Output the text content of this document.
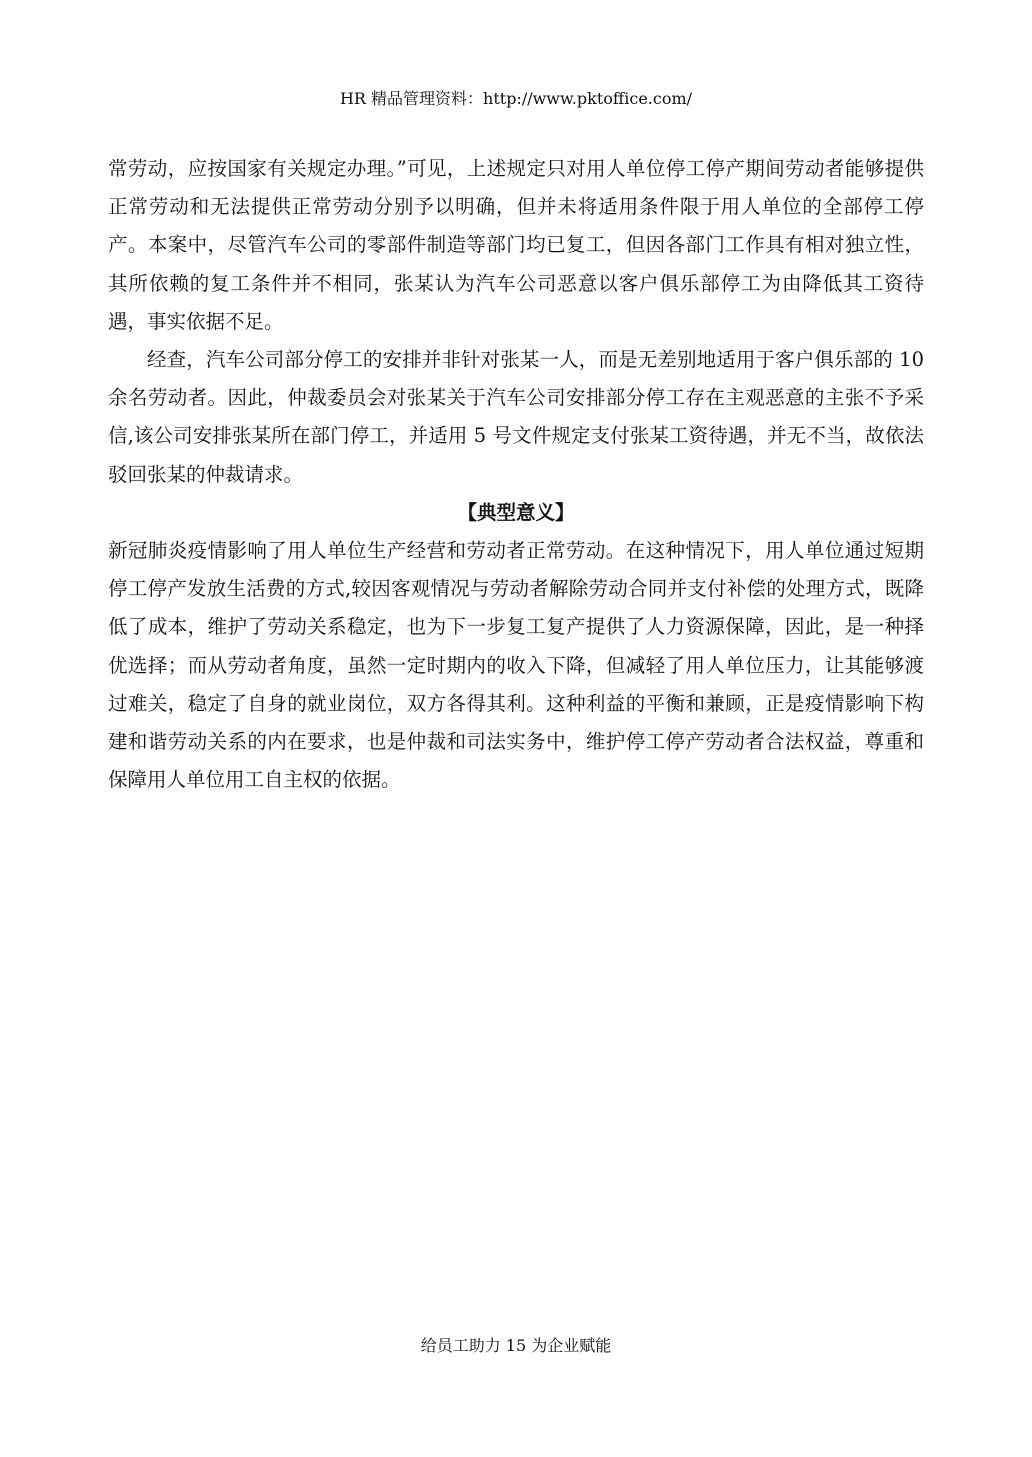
HR 精品管理资料：http://www.pktoffice.com/

常劳动，应按国家有关规定办理。”可见，上述规定只对用人单位停工停产期间劳动者能够提供正常劳动和无法提供正常劳动分别予以明确，但并未将适用条件限于用人单位的全部停工停产。本案中，尽管汽车公司的零部件制造等部门均已复工，但因各部门工作具有相对独立性，其所依赖的复工条件并不相同，张某认为汽车公司恶意以客户俱乐部停工为由降低其工资待遇，事实依据不足。

经查，汽车公司部分停工的安排并非针对张某一人，而是无差别地适用于客户俱乐部的 10 余名劳动者。因此，仲裁委员会对张某关于汽车公司安排部分停工存在主观恶意的主张不予采信,该公司安排张某所在部门停工，并适用 5 号文件规定支付张某工资待遇，并无不当，故依法驳回张某的仲裁请求。

【典型意义】

新冠肺炎疫情影响了用人单位生产经营和劳动者正常劳动。在这种情况下，用人单位通过短期停工停产发放生活费的方式,较因客观情况与劳动者解除劳动合同并支付补偿的处理方式，既降低了成本，维护了劳动关系稳定，也为下一步复工复产提供了人力资源保障，因此，是一种择优选择；而从劳动者角度，虽然一定时期内的收入下降，但减轻了用人单位压力，让其能够渡过难关，稳定了自身的就业岗位，双方各得其利。这种利益的平衡和兼顾，正是疫情影响下构建和谐劳动关系的内在要求，也是仲裁和司法实务中，维护停工停产劳动者合法权益，尊重和保障用人单位用工自主权的依据。

给员工助力 15 为企业赋能
